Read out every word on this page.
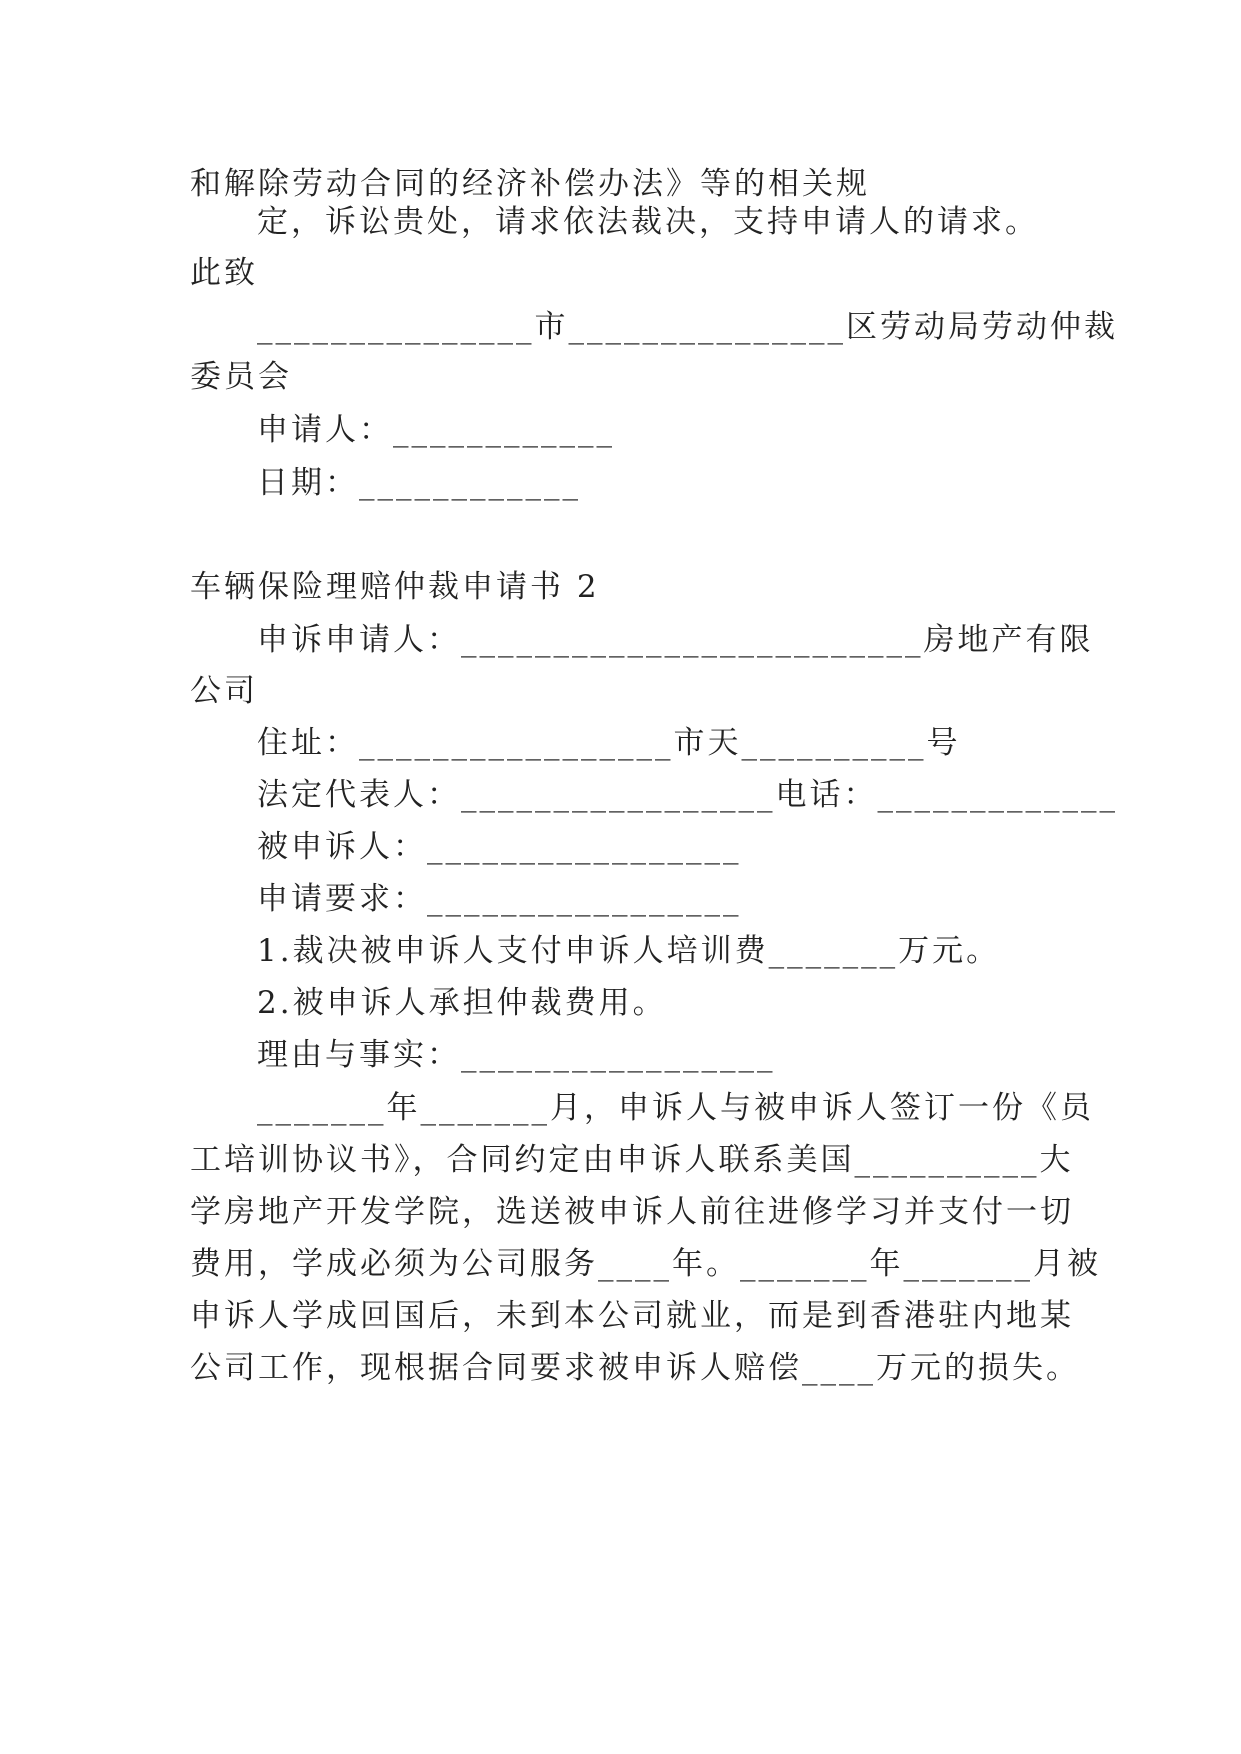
和解除劳动合同的经济补偿办法》等的相关规
定，诉讼贵处，请求依法裁决，支持申请人的请求。
此致
_______________市_______________区劳动局劳动仲裁
委员会
申请人：____________
日期：____________
车辆保险理赔仲裁申请书 2
申诉申请人：_________________________房地产有限
公司
住址：_________________市天__________号
法定代表人：_________________电话：_____________
被申诉人：_________________
申请要求：_________________
1.裁决被申诉人支付申诉人培训费_______万元。
2.被申诉人承担仲裁费用。
理由与事实：_________________
_______年_______月，申诉人与被申诉人签订一份《员
工培训协议书》，合同约定由申诉人联系美国__________大
学房地产开发学院，选送被申诉人前往进修学习并支付一切
费用，学成必须为公司服务____年。_______年_______月被
申诉人学成回国后，未到本公司就业，而是到香港驻内地某
公司工作，现根据合同要求被申诉人赔偿____万元的损失。
